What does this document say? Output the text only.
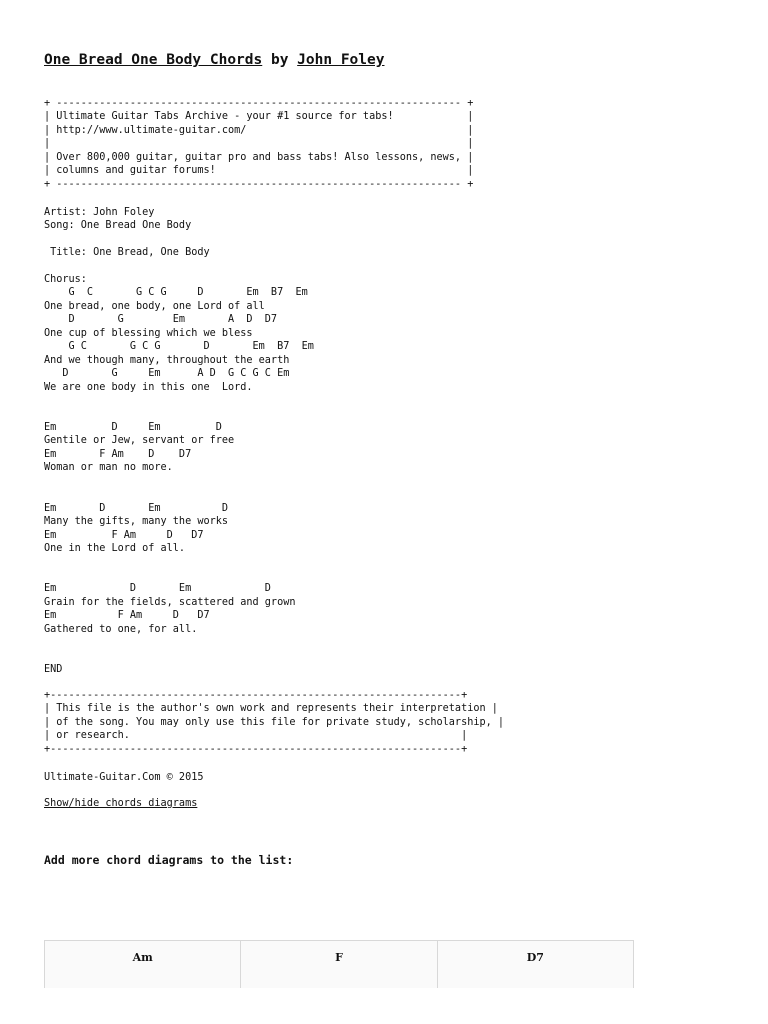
One Bread One Body Chords by John Foley
+ ------------------------------------------------------------------ +
| Ultimate Guitar Tabs Archive - your #1 source for tabs!            |
| http://www.ultimate-guitar.com/                                    |
|                                                                    |
| Over 800,000 guitar, guitar pro and bass tabs! Also lessons, news, |
| columns and guitar forums!                                         |
+ ------------------------------------------------------------------ +
Artist: John Foley
Song: One Bread One Body

Title: One Bread, One Body
Chorus:
G  C       G C G     D       Em  B7  Em
One bread, one body, one Lord of all
D       G        Em       A  D  D7
One cup of blessing which we bless
G C       G C G       D       Em  B7  Em
And we though many, throughout the earth
D       G     Em      A D  G C G C Em
We are one body in this one  Lord.

Em         D     Em         D
Gentile or Jew, servant or free
Em       F Am    D    D7
Woman or man no more.

Em       D       Em          D
Many the gifts, many the works
Em         F Am     D   D7
One in the Lord of all.

Em            D       Em            D
Grain for the fields, scattered and grown
Em          F Am     D   D7
Gathered to one, for all.

END
+-------------------------------------------------------------------+
| This file is the author's own work and represents their interpretation |
| of the song. You may only use this file for private study, scholarship, |
| or research.                                                      |
+-------------------------------------------------------------------+
Ultimate-Guitar.Com © 2015
Show/hide chords diagrams
Add more chord diagrams to the list:
Am	F	D7
